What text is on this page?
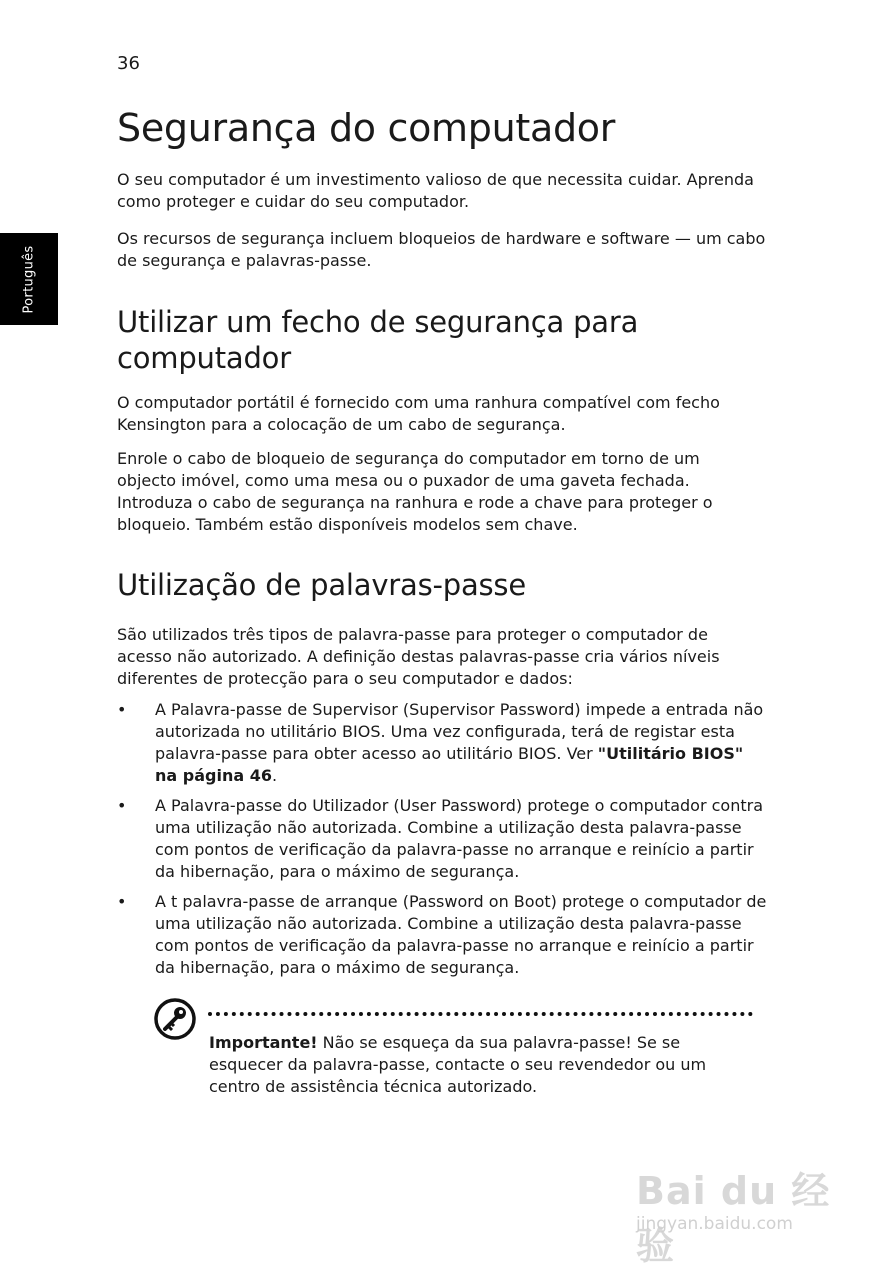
36
Português
Segurança do computador

O seu computador é um investimento valioso de que necessita cuidar. Aprenda como proteger e cuidar do seu computador.

Os recursos de segurança incluem bloqueios de hardware e software — um cabo de segurança e palavras-passe.

Utilizar um fecho de segurança para computador

O computador portátil é fornecido com uma ranhura compatível com fecho Kensington para a colocação de um cabo de segurança.

Enrole o cabo de bloqueio de segurança do computador em torno de um objecto imóvel, como uma mesa ou o puxador de uma gaveta fechada. Introduza o cabo de segurança na ranhura e rode a chave para proteger o bloqueio. Também estão disponíveis modelos sem chave.

Utilização de palavras-passe

São utilizados três tipos de palavra-passe para proteger o computador de acesso não autorizado. A definição destas palavras-passe cria vários níveis diferentes de protecção para o seu computador e dados:

• A Palavra-passe de Supervisor (Supervisor Password) impede a entrada não autorizada no utilitário BIOS. Uma vez configurada, terá de registar esta palavra-passe para obter acesso ao utilitário BIOS. Ver "Utilitário BIOS" na página 46.
• A Palavra-passe do Utilizador (User Password) protege o computador contra uma utilização não autorizada. Combine a utilização desta palavra-passe com pontos de verificação da palavra-passe no arranque e reinício a partir da hibernação, para o máximo de segurança.
• A t palavra-passe de arranque (Password on Boot) protege o computador de uma utilização não autorizada. Combine a utilização desta palavra-passe com pontos de verificação da palavra-passe no arranque e reinício a partir da hibernação, para o máximo de segurança.

Importante! Não se esqueça da sua palavra-passe! Se se esquecer da palavra-passe, contacte o seu revendedor ou um centro de assistência técnica autorizado.

Bai du 经验
jingyan.baidu.com
